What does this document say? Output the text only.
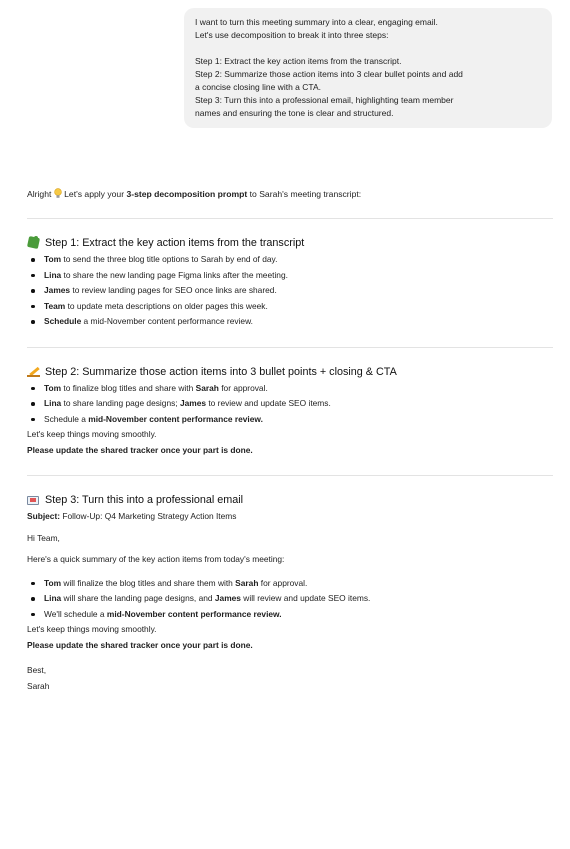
I want to turn this meeting summary into a clear, engaging email.

Let's use decomposition to break it into three steps:

Step 1: Extract the key action items from the transcript.

Step 2: Summarize those action items into 3 clear bullet points and add

a concise closing line with a CTA.

Step 3: Turn this into a professional email, highlighting team member

names and ensuring the tone is clear and structured.

Alright  Let's apply your 3-step decomposition prompt to Sarah's meeting transcript:

Step 1: Extract the key action items from the transcript
Tom to send the three blog title options to Sarah by end of day.
Lina to share the new landing page Figma links after the meeting.
James to review landing pages for SEO once links are shared.
Team to update meta descriptions on older pages this week.
Schedule a mid-November content performance review.
Step 2: Summarize those action items into 3 bullet points + closing & CTA
Tom to finalize blog titles and share with Sarah for approval.
Lina to share landing page designs; James to review and update SEO items.
Schedule a mid-November content performance review.

Let's keep things moving smoothly.

Please update the shared tracker once your part is done.

Step 3: Turn this into a professional email

Subject: Follow-Up: Q4 Marketing Strategy Action Items

Hi Team,

Here's a quick summary of the key action items from today's meeting:

Tom will finalize the blog titles and share them with Sarah for approval.
Lina will share the landing page designs, and James will review and update SEO items.
We'll schedule a mid-November content performance review.

Let's keep things moving smoothly.

Please update the shared tracker once your part is done.

Best,

Sarah
